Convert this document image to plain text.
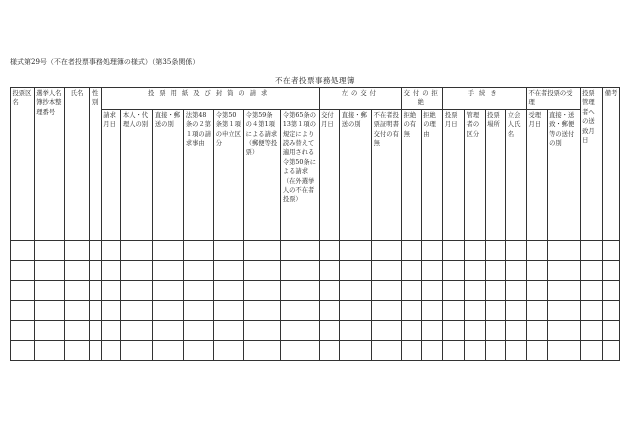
様式第29号（不在者投票事務処理簿の様式）（第35条関係）
不在者投票事務処理簿
投票区名	選挙人名簿抄本整理番号	氏名	性別	投票用紙及び封筒の請求							左の交付			交付の拒絶		手続き				不在者投票の受理		投票管理者への送致月日	備考
				請求月日	本人・代理人の別	直接・郵送の別	法第48条の２第１項の請求事由	令第50条第１項の申立区分	令第59条の４第1項による請求（郵便等投票）	令第65条の13第１項の規定により読み替えて適用される令第50条による請求（在外選挙人の不在者投票）	交付月日	直接・郵送の別	不在者投票証明書交付の有無	拒絶の有無	拒絶の理由	投票月日	管理者の区分	投票場所	立会人氏名	受理月日	直接・送致・郵便等の送付の別		
